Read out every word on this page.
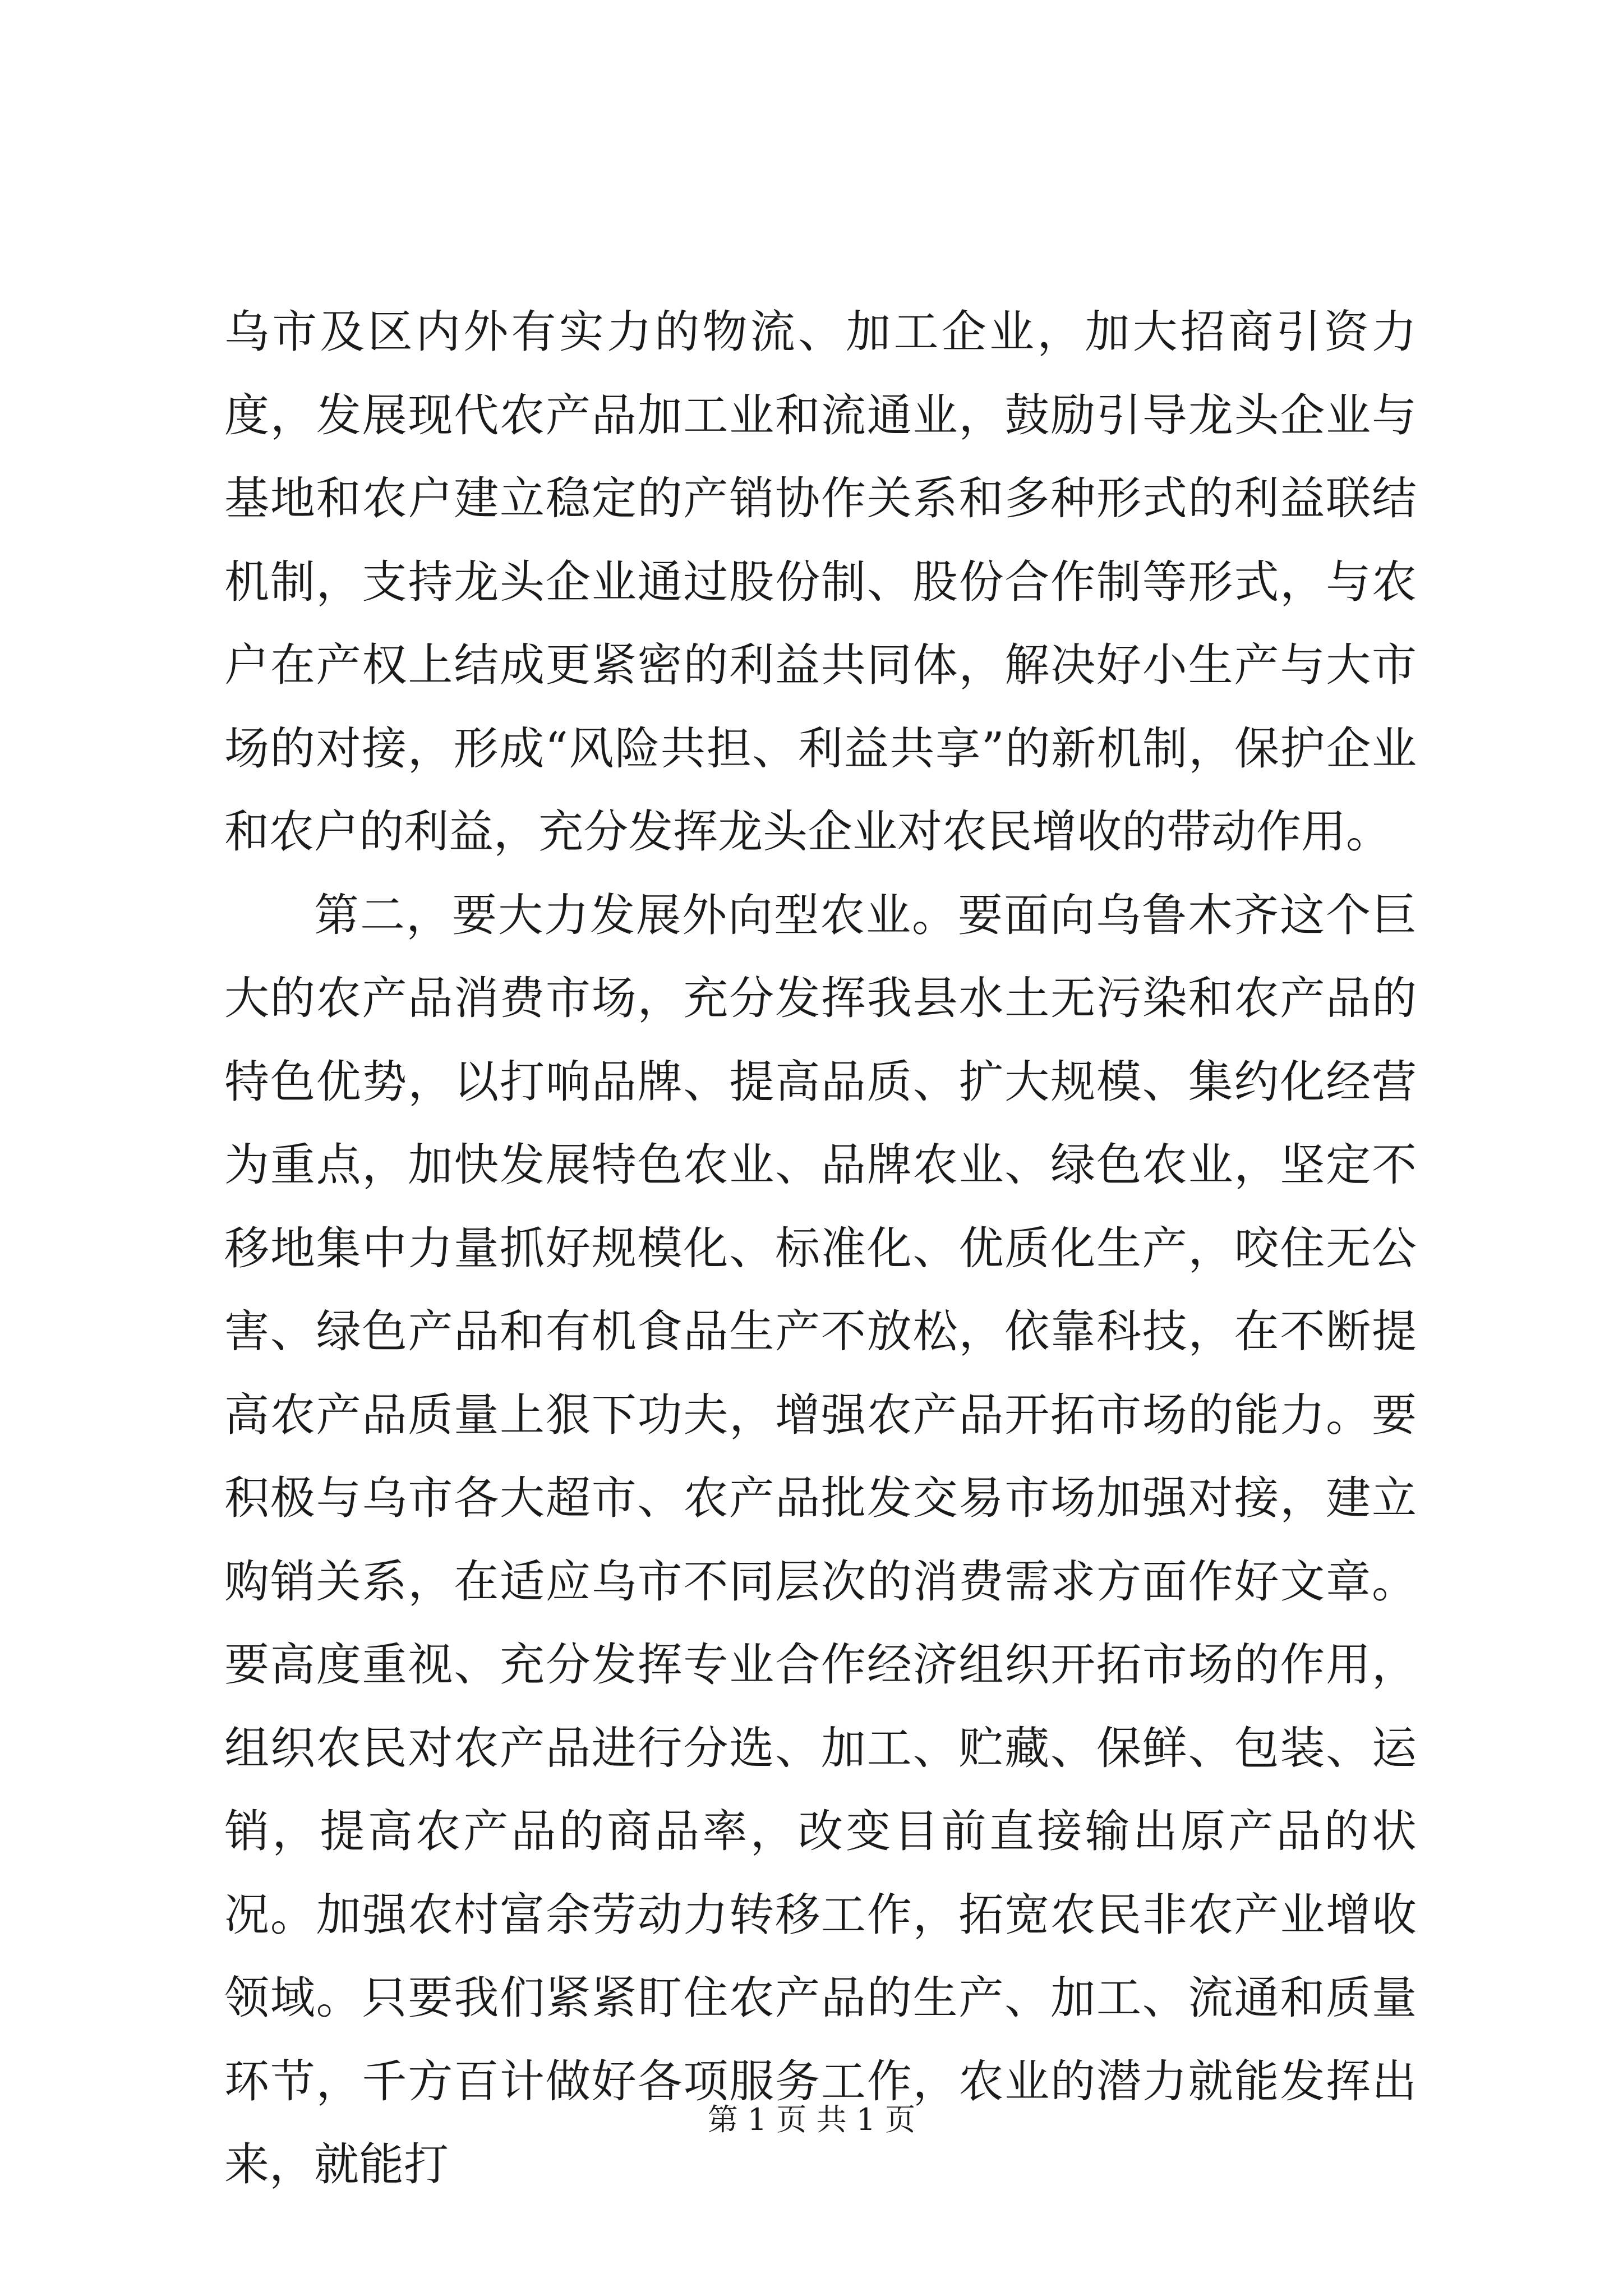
乌市及区内外有实力的物流、加工企业，加大招商引资力度，发展现代农产品加工业和流通业，鼓励引导龙头企业与基地和农户建立稳定的产销协作关系和多种形式的利益联结机制，支持龙头企业通过股份制、股份合作制等形式，与农户在产权上结成更紧密的利益共同体，解决好小生产与大市场的对接，形成“风险共担、利益共享”的新机制，保护企业和农户的利益，充分发挥龙头企业对农民增收的带动作用。

第二，要大力发展外向型农业。要面向乌鲁木齐这个巨大的农产品消费市场，充分发挥我县水土无污染和农产品的特色优势，以打响品牌、提高品质、扩大规模、集约化经营为重点，加快发展特色农业、品牌农业、绿色农业，坚定不移地集中力量抓好规模化、标准化、优质化生产，咬住无公害、绿色产品和有机食品生产不放松，依靠科技，在不断提高农产品质量上狠下功夫，增强农产品开拓市场的能力。要积极与乌市各大超市、农产品批发交易市场加强对接，建立购销关系，在适应乌市不同层次的消费需求方面作好文章。要高度重视、充分发挥专业合作经济组织开拓市场的作用，组织农民对农产品进行分选、加工、贮藏、保鲜、包装、运销，提高农产品的商品率，改变目前直接输出原产品的状况。加强农村富余劳动力转移工作，拓宽农民非农产业增收领域。只要我们紧紧盯住农产品的生产、加工、流通和质量环节，千方百计做好各项服务工作，农业的潜力就能发挥出来，就能打

第 1 页 共 1 页
